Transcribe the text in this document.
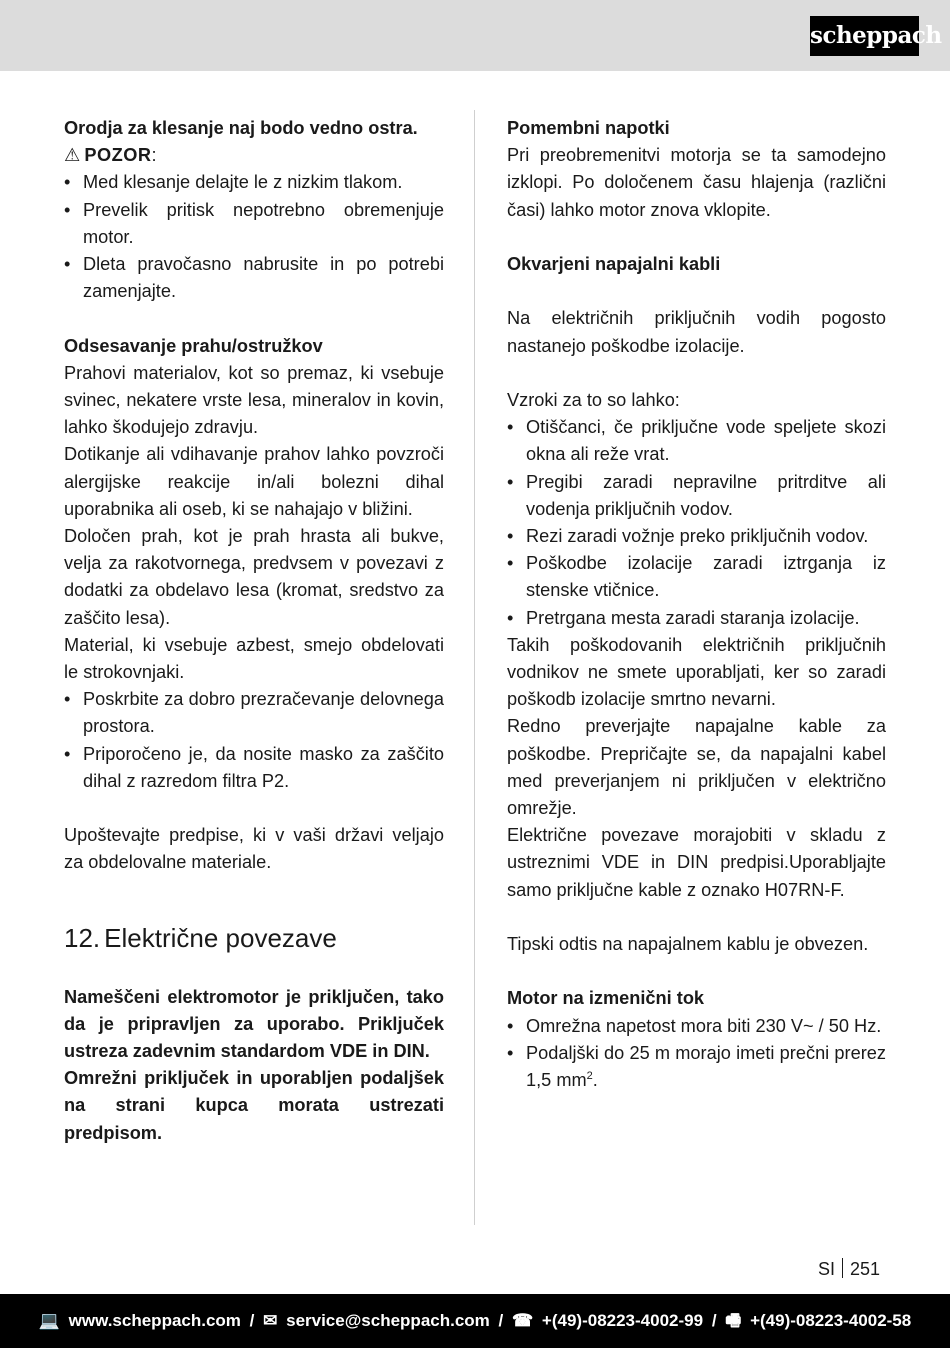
scheppach

Orodja za klesanje naj bodo vedno ostra.

⚠ POZOR:

• Med klesanje delajte le z nizkim tlakom.
• Prevelik pritisk nepotrebno obremenjuje motor.
• Dleta pravočasno nabrusite in po potrebi zamenjajte.

Odsesavanje prahu/ostružkov

Prahovi materialov, kot so premaz, ki vsebuje svinec, nekatere vrste lesa, mineralov in kovin, lahko škodujejo zdravju.

Dotikanje ali vdihavanje prahov lahko povzroči alergijske reakcije in/ali bolezni dihal uporabnika ali oseb, ki se nahajajo v bližini.

Določen prah, kot je prah hrasta ali bukve, velja za rakotvornega, predvsem v povezavi z dodatki za obdelavo lesa (kromat, sredstvo za zaščito lesa).

Material, ki vsebuje azbest, smejo obdelovati le strokovnjaki.

• Poskrbite za dobro prezračevanje delovnega prostora.
• Priporočeno je, da nosite masko za zaščito dihal z razredom filtra P2.

Upoštevajte predpise, ki v vaši državi veljajo za obdelovalne materiale.

12. Električne povezave

Nameščeni elektromotor je priključen, tako da je pripravljen za uporabo. Priključek ustreza zadevnim standardom VDE in DIN.

Omrežni priključek in uporabljen podaljšek na strani kupca morata ustrezati predpisom.

Pomembni napotki

Pri preobremenitvi motorja se ta samodejno izklopi. Po določenem času hlajenja (različni časi) lahko motor znova vklopite.

Okvarjeni napajalni kabli

Na električnih priključnih vodih pogosto nastanejo poškodbe izolacije.

Vzroki za to so lahko:

• Otiščanci, če priključne vode speljete skozi okna ali reže vrat.
• Pregibi zaradi nepravilne pritrditve ali vodenja priključnih vodov.
• Rezi zaradi vožnje preko priključnih vodov.
• Poškodbe izolacije zaradi iztrganja iz stenske vtičnice.
• Pretrgana mesta zaradi staranja izolacije.

Takih poškodovanih električnih priključnih vodnikov ne smete uporabljati, ker so zaradi poškodb izolacije smrtno nevarni.

Redno preverjajte napajalne kable za poškodbe. Prepričajte se, da napajalni kabel med preverjanjem ni priključen v električno omrežje.

Električne povezave morajobiti v skladu z ustreznimi VDE in DIN predpisi.Uporabljajte samo priključne kable z oznako H07RN-F.

Tipski odtis na napajalnem kablu je obvezen.

Motor na izmenični tok

• Omrežna napetost mora biti 230 V~ / 50 Hz.
• Podaljški do 25 m morajo imeti prečni prerez 1,5 $mm^2$.
SI 251
💻 www.scheppach.com / ✉ service@scheppach.com / ☎ +(49)-08223-4002-99 / 🖷 +(49)-08223-4002-58
